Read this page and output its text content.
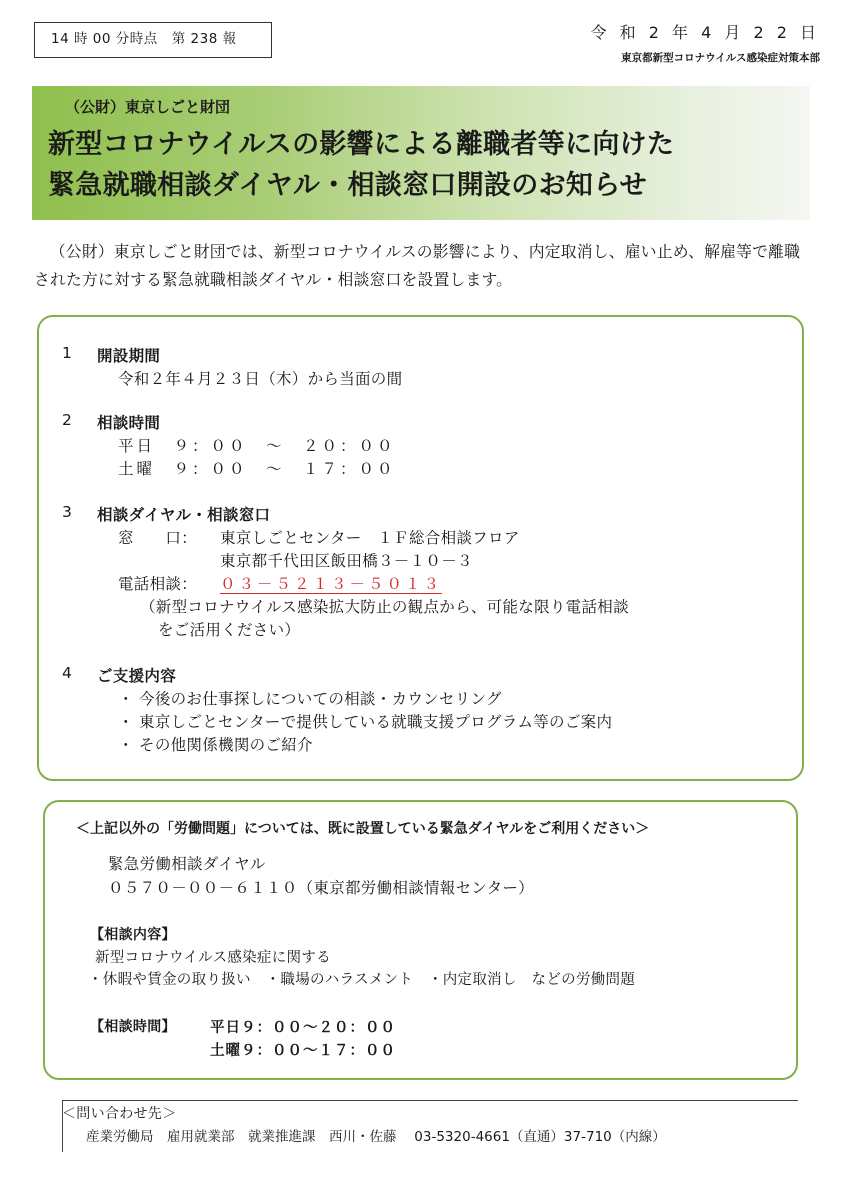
14 時 00 分時点　第 238 報	令 和 2 年 4 月 2 2 日
東京都新型コロナウイルス感染症対策本部
（公財）東京しごと財団
新型コロナウイルスの影響による離職者等に向けた
緊急就職相談ダイヤル・相談窓口開設のお知らせ
（公財）東京しごと財団では、新型コロナウイルスの影響により、内定取消し、雇い止め、解雇等で離職された方に対する緊急就職相談ダイヤル・相談窓口を設置します。
1 開設期間
令和２年４月２３日（木）から当面の間
2 相談時間
平日　９：００　～　２０：００
土曜　９：００　～　１７：００
3 相談ダイヤル・相談窓口
窓　　口： 東京しごとセンター　１Ｆ総合相談フロア
東京都千代田区飯田橋３－１０－３
電話相談： ０３－５２１３－５０１３
（新型コロナウイルス感染拡大防止の観点から、可能な限り電話相談
をご活用ください）
4 ご支援内容
・ 今後のお仕事探しについての相談・カウンセリング
・ 東京しごとセンターで提供している就職支援プログラム等のご案内
・ その他関係機関のご紹介
＜上記以外の「労働問題」については、既に設置している緊急ダイヤルをご利用ください＞
緊急労働相談ダイヤル
０５７０－００－６１１０（東京都労働相談情報センター）
【相談内容】
新型コロナウイルス感染症に関する
・休暇や賃金の取り扱い　・職場のハラスメント　・内定取消し　などの労働問題
【相談時間】 平日９：００～２０：００
土曜９：００～１７：００
＜問い合わせ先＞
産業労働局　雇用就業部　就業推進課　西川・佐藤　 03-5320-4661（直通）37-710（内線）
